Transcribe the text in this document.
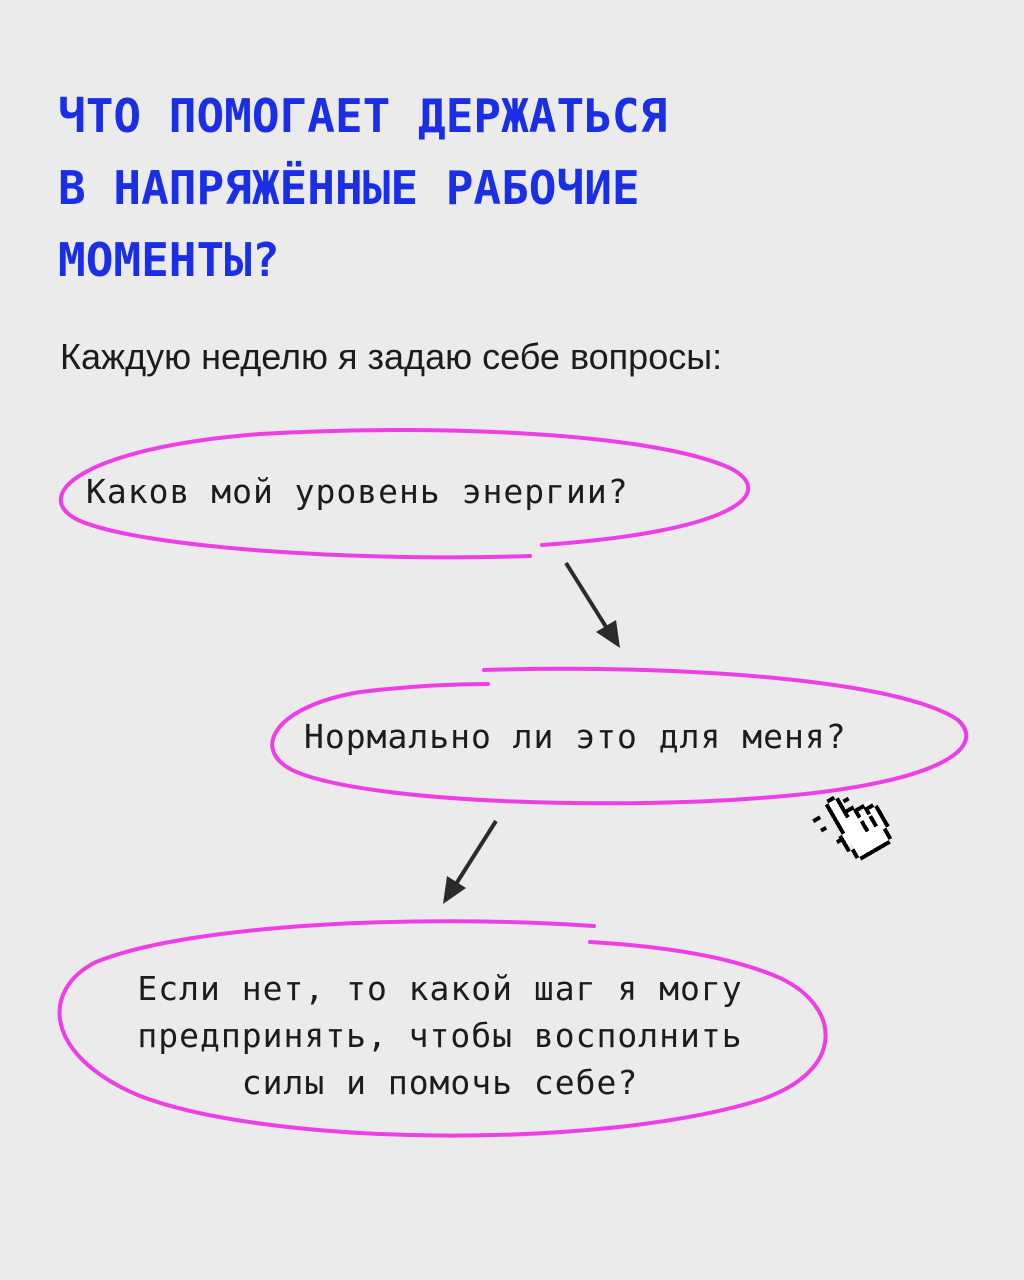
ЧТО ПОМОГАЕТ ДЕРЖАТЬСЯ
В НАПРЯЖЁННЫЕ РАБОЧИЕ
МОМЕНТЫ?

Каждую неделю я задаю себе вопросы:

Каков мой уровень энергии?

Нормально ли это для меня?

Если нет, то какой шаг я могу
предпринять, чтобы восполнить
силы и помочь себе?
